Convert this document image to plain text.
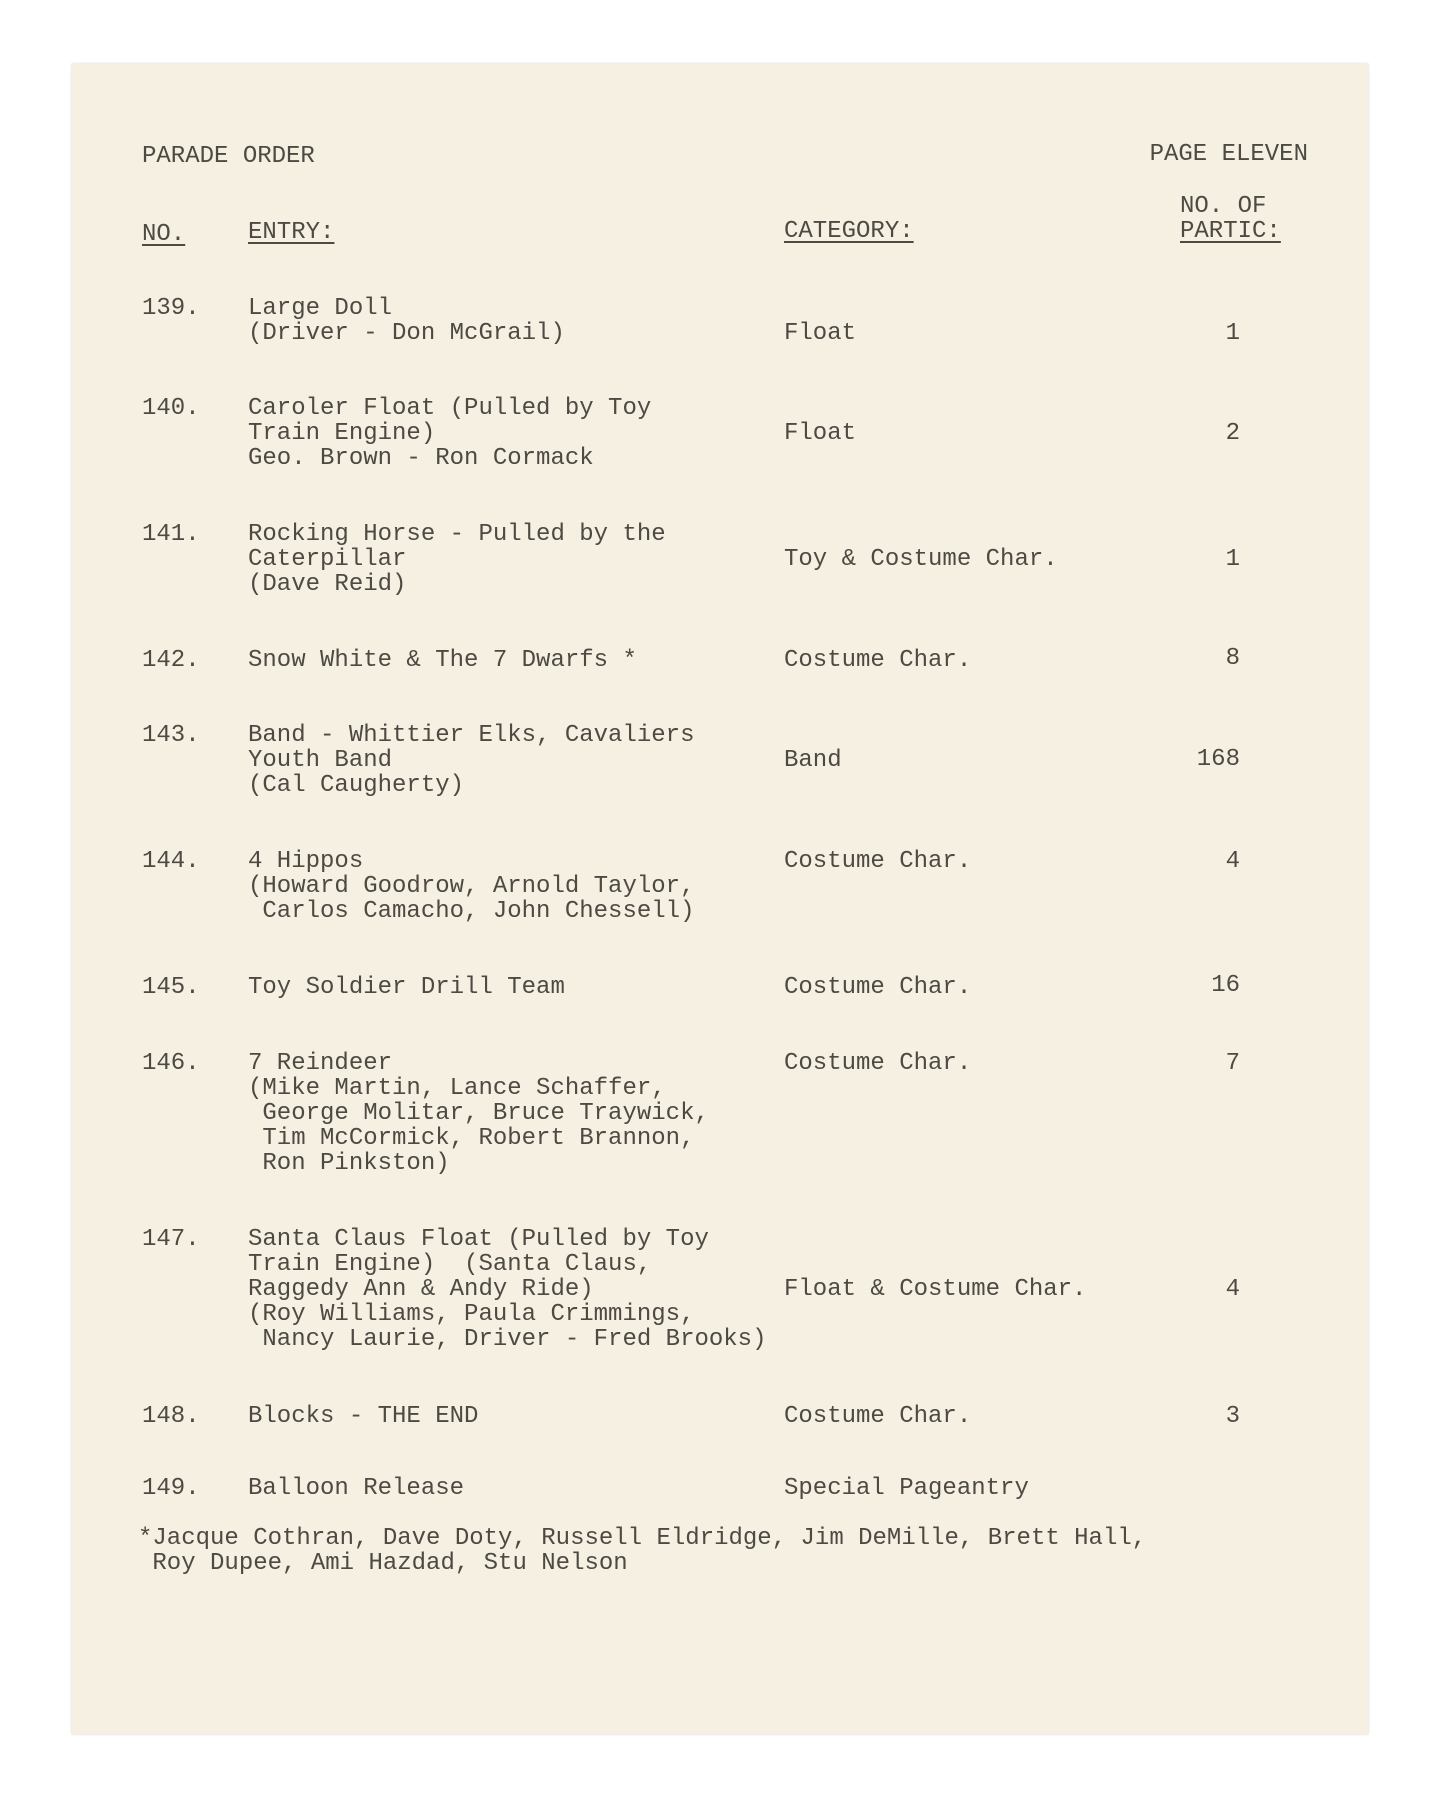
PARADE ORDER	PAGE ELEVEN
NO.	ENTRY:	CATEGORY:
NO. OF
PARTIC:
139. Large Doll
(Driver - Don McGrail)	Float	1
140. Caroler Float (Pulled by Toy
Train Engine)
Geo. Brown - Ron Cormack
Float	2
141. Rocking Horse - Pulled by the
Caterpillar
(Dave Reid)
Toy & Costume Char.	1
142. Snow White & The 7 Dwarfs *	Costume Char.	8
143. Band - Whittier Elks, Cavaliers
Youth Band
(Cal Caugherty)
Band	168
144. 4 Hippos
(Howard Goodrow, Arnold Taylor,
Carlos Camacho, John Chessell)
Costume Char.	4
145. Toy Soldier Drill Team	Costume Char.	16
146. 7 Reindeer
(Mike Martin, Lance Schaffer,
George Molitar, Bruce Traywick,
Tim McCormick, Robert Brannon,
Ron Pinkston)
Costume Char.	7
147. Santa Claus Float (Pulled by Toy
Train Engine)  (Santa Claus,
Raggedy Ann & Andy Ride)
(Roy Williams, Paula Crimmings,
Nancy Laurie, Driver - Fred Brooks)
Float & Costume Char.	4
148. Blocks - THE END	Costume Char.	3
149. Balloon Release	Special Pageantry
*Jacque Cothran, Dave Doty, Russell Eldridge, Jim DeMille, Brett Hall,
Roy Dupee, Ami Hazdad, Stu Nelson
